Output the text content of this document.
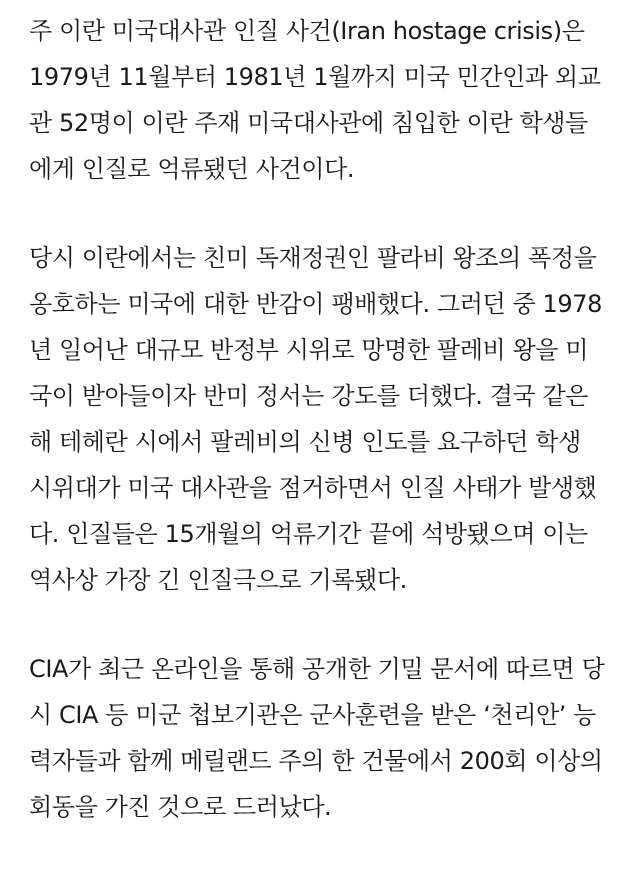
주 이란 미국대사관 인질 사건(Iran hostage crisis)은
1979년 11월부터 1981년 1월까지 미국 민간인과 외교
관 52명이 이란 주재 미국대사관에 침입한 이란 학생들
에게 인질로 억류됐던 사건이다.

당시 이란에서는 친미 독재정권인 팔라비 왕조의 폭정을
옹호하는 미국에 대한 반감이 팽배했다. 그러던 중 1978
년 일어난 대규모 반정부 시위로 망명한 팔레비 왕을 미
국이 받아들이자 반미 정서는 강도를 더했다. 결국 같은
해 테헤란 시에서 팔레비의 신병 인도를 요구하던 학생
시위대가 미국 대사관을 점거하면서 인질 사태가 발생했
다. 인질들은 15개월의 억류기간 끝에 석방됐으며 이는
역사상 가장 긴 인질극으로 기록됐다.

CIA가 최근 온라인을 통해 공개한 기밀 문서에 따르면 당
시 CIA 등 미군 첩보기관은 군사훈련을 받은 ‘천리안’ 능
력자들과 함께 메릴랜드 주의 한 건물에서 200회 이상의
회동을 가진 것으로 드러났다.
